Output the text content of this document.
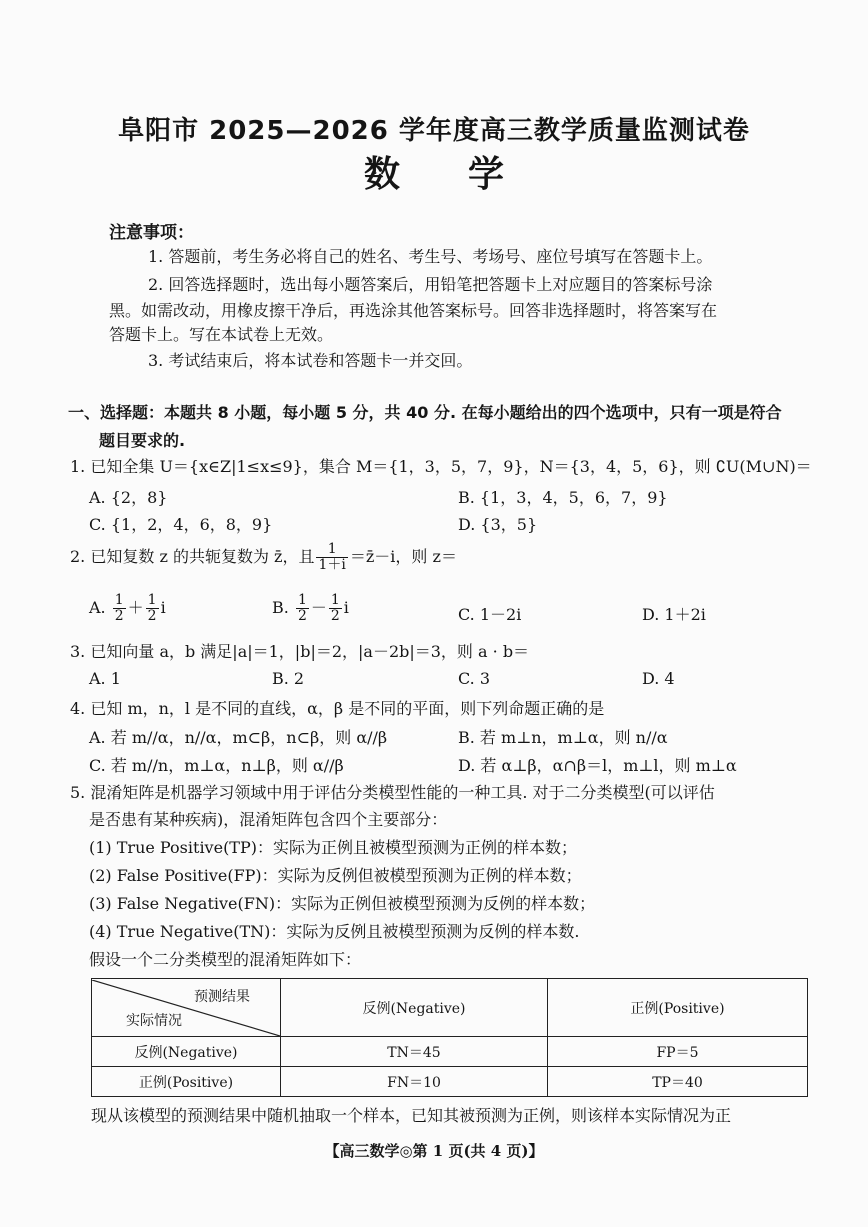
阜阳市 2025—2026 学年度高三教学质量监测试卷
数学
注意事项：
1. 答题前，考生务必将自己的姓名、考生号、考场号、座位号填写在答题卡上。
2. 回答选择题时，选出每小题答案后，用铅笔把答题卡上对应题目的答案标号涂
黑。如需改动，用橡皮擦干净后，再选涂其他答案标号。回答非选择题时，将答案写在
答题卡上。写在本试卷上无效。
3. 考试结束后，将本试卷和答题卡一并交回。
一、选择题：本题共 8 小题，每小题 5 分，共 40 分. 在每小题给出的四个选项中，只有一项是符合
题目要求的.
1. 已知全集 U＝{x∈Z|1≤x≤9}，集合 M＝{1，3，5，7，9}，N＝{3，4，5，6}，则 ∁U(M∪N)＝
A. {2，8}	B. {1，3，4，5，6，7，9}
C. {1，2，4，6，8，9}	D. {3，5}
2. 已知复数 z 的共轭复数为 z̄，且 $\frac{1}{1+i}$ ＝z̄－i，则 z＝
A. $\frac{1}{2} + \frac{1}{2}$ i	B. $\frac{1}{2} - \frac{1}{2}$ i	C. 1－2i	D. 1＋2i
3. 已知向量 a，b 满足|a|＝1，|b|＝2，|a－2b|＝3，则 a · b＝
A. 1	B. 2	C. 3	D. 4
4. 已知 m，n，l 是不同的直线，α，β 是不同的平面，则下列命题正确的是
A. 若 m//α，n//α，m⊂β，n⊂β，则 α//β	B. 若 m⊥n，m⊥α，则 n//α
C. 若 m//n，m⊥α，n⊥β，则 α//β	D. 若 α⊥β，α∩β＝l，m⊥l，则 m⊥α
5. 混淆矩阵是机器学习领域中用于评估分类模型性能的一种工具. 对于二分类模型(可以评估
是否患有某种疾病)，混淆矩阵包含四个主要部分：
(1) True Positive(TP)：实际为正例且被模型预测为正例的样本数；
(2) False Positive(FP)：实际为反例但被模型预测为正例的样本数；
(3) False Negative(FN)：实际为正例但被模型预测为反例的样本数；
(4) True Negative(TN)：实际为反例且被模型预测为反例的样本数.
假设一个二分类模型的混淆矩阵如下：
预测结果
实际情况	反例(Negative)	正例(Positive)
反例(Negative)	TN＝45	FP＝5
正例(Positive)	FN＝10	TP＝40
现从该模型的预测结果中随机抽取一个样本，已知其被预测为正例，则该样本实际情况为正
【高三数学◎第 1 页(共 4 页)】
